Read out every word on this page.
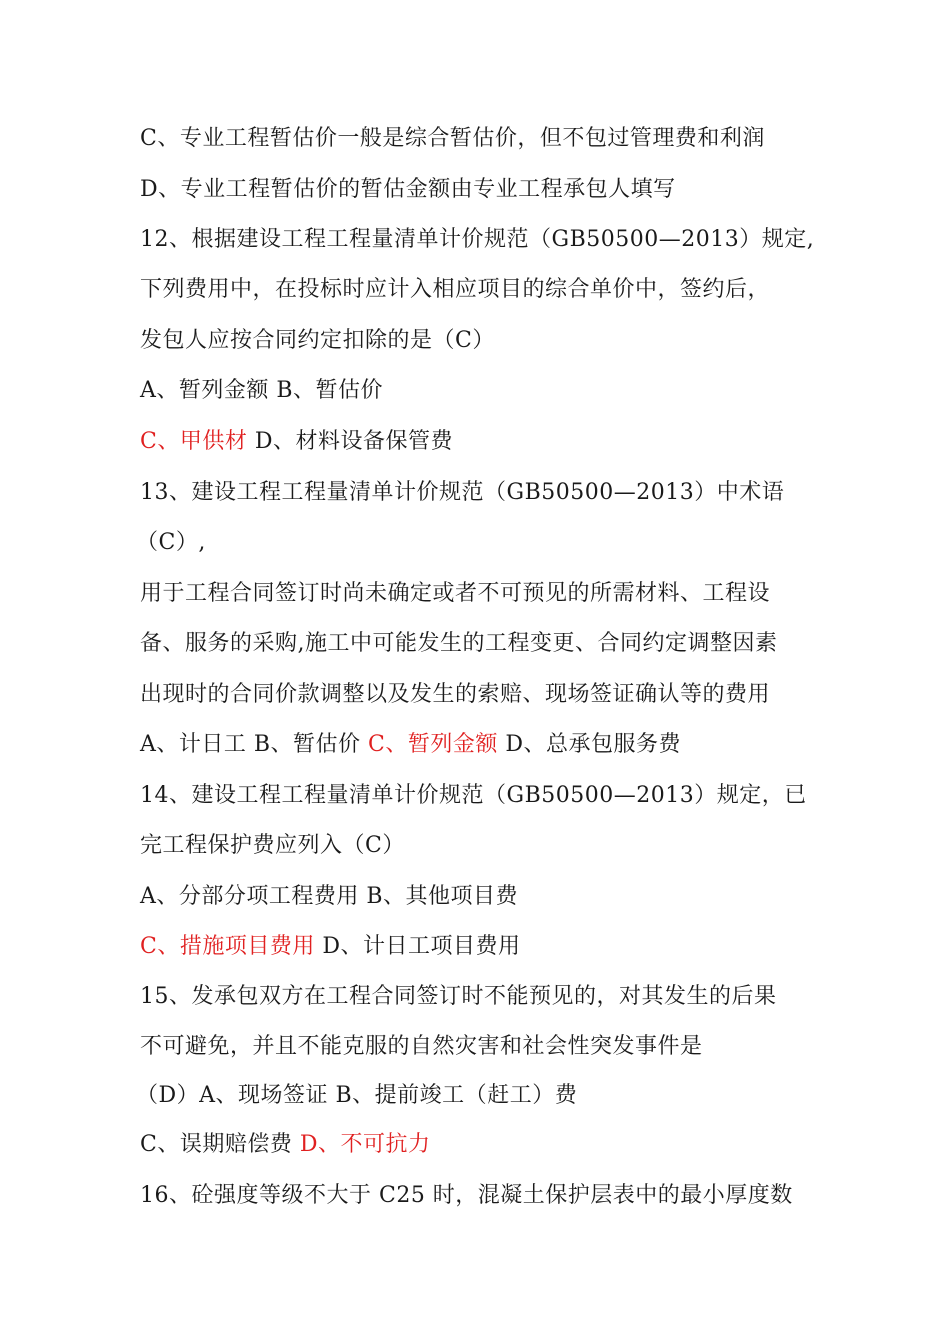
C、专业工程暂估价一般是综合暂估价，但不包过管理费和利润
D、专业工程暂估价的暂估金额由专业工程承包人填写
12、根据建设工程工程量清单计价规范（GB50500—2013）规定,
下列费用中，在投标时应计入相应项目的综合单价中，签约后，
发包人应按合同约定扣除的是（C）
A、暂列金额 B、暂估价
C、甲供材 D、材料设备保管费
13、建设工程工程量清单计价规范（GB50500—2013）中术语
（C）,
用于工程合同签订时尚未确定或者不可预见的所需材料、工程设
备、服务的采购,施工中可能发生的工程变更、合同约定调整因素
出现时的合同价款调整以及发生的索赔、现场签证确认等的费用
A、计日工 B、暂估价 C、暂列金额 D、总承包服务费
14、建设工程工程量清单计价规范（GB50500—2013）规定，已
完工程保护费应列入（C）
A、分部分项工程费用 B、其他项目费
C、措施项目费用 D、计日工项目费用
15、发承包双方在工程合同签订时不能预见的，对其发生的后果
不可避免，并且不能克服的自然灾害和社会性突发事件是
（D）A、现场签证 B、提前竣工（赶工）费
C、误期赔偿费 D、不可抗力
16、砼强度等级不大于 C25 时，混凝土保护层表中的最小厚度数
